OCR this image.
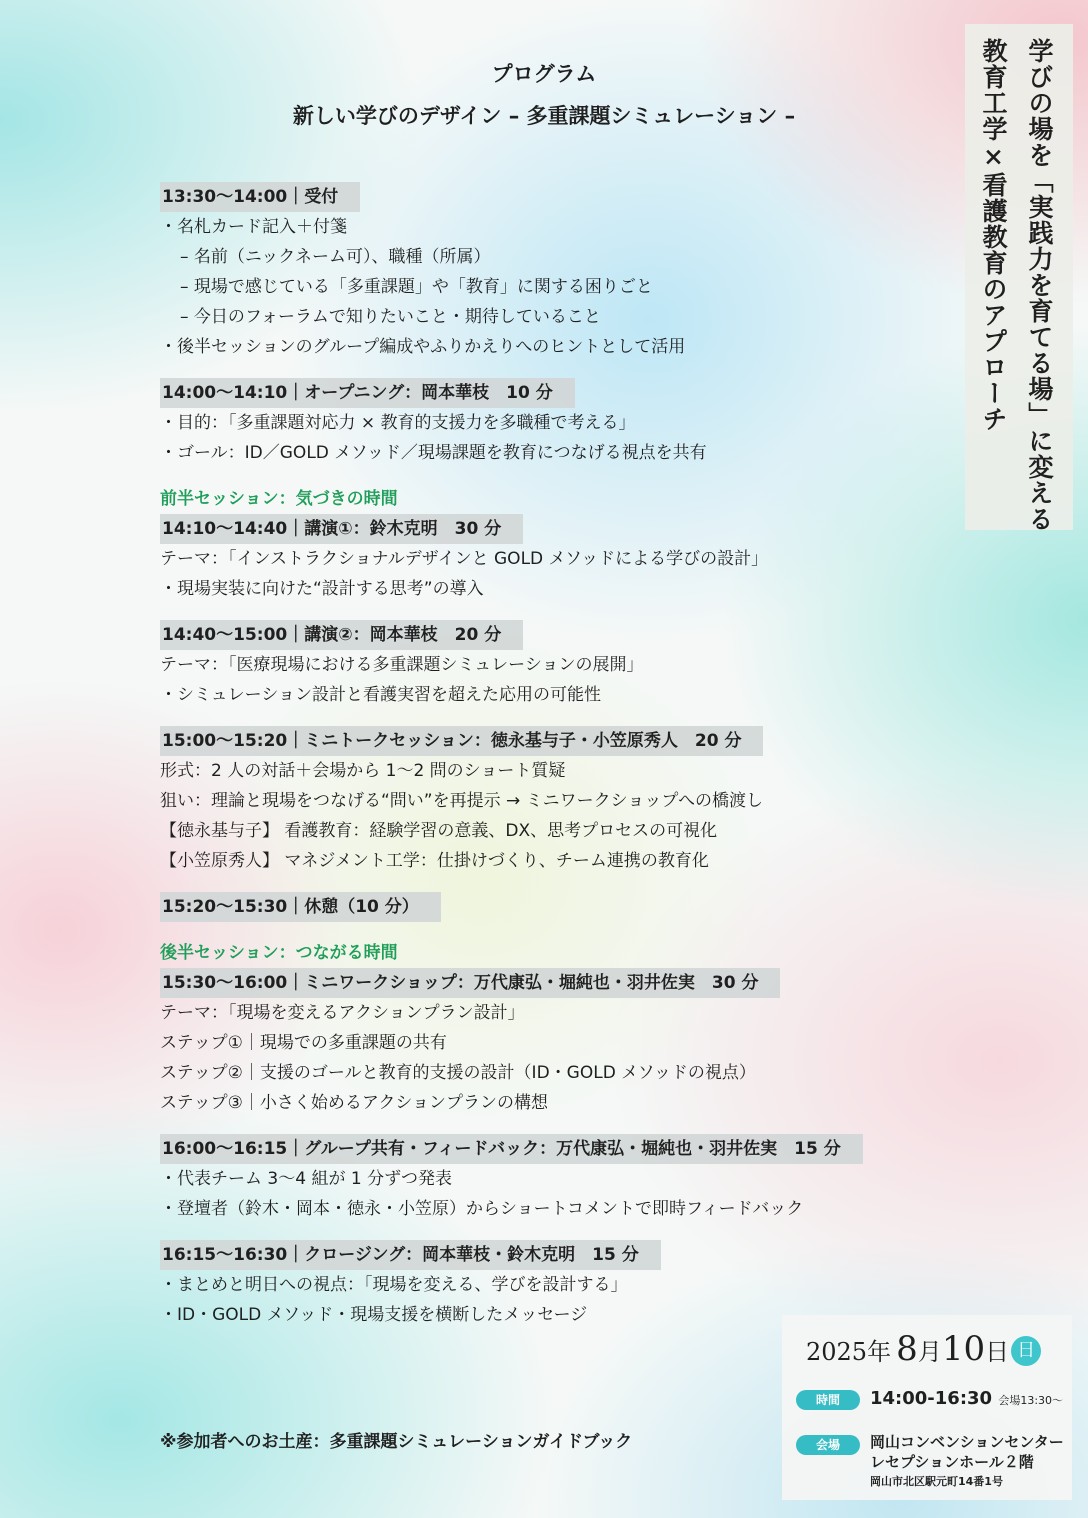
プログラム
新しい学びのデザイン – 多重課題シミュレーション –	学びの場を「実践力を育てる場」に変える
教育工学×看護教育のアプローチ
13:30〜14:00｜受付
・名札カード記入＋付箋
– 名前（ニックネーム可）、職種（所属）
– 現場で感じている「多重課題」や「教育」に関する困りごと
– 今日のフォーラムで知りたいこと・期待していること
・後半セッションのグループ編成やふりかえりへのヒントとして活用
14:00〜14:10｜オープニング：岡本華枝　10 分
・目的：「多重課題対応力 × 教育的支援力を多職種で考える」
・ゴール：ID／GOLD メソッド／現場課題を教育につなげる視点を共有
前半セッション：気づきの時間
14:10〜14:40｜講演①：鈴木克明　30 分
テーマ：「インストラクショナルデザインと GOLD メソッドによる学びの設計」
・現場実装に向けた“設計する思考”の導入
14:40〜15:00｜講演②：岡本華枝　20 分
テーマ：「医療現場における多重課題シミュレーションの展開」
・シミュレーション設計と看護実習を超えた応用の可能性
15:00〜15:20｜ミニトークセッション：徳永基与子・小笠原秀人　20 分
形式：2 人の対話＋会場から 1〜2 問のショート質疑
狙い：理論と現場をつなげる“問い”を再提示 → ミニワークショップへの橋渡し
【徳永基与子】 看護教育：経験学習の意義、DX、思考プロセスの可視化
【小笠原秀人】 マネジメント工学：仕掛けづくり、チーム連携の教育化
15:20〜15:30｜休憩（10 分）
後半セッション：つながる時間
15:30〜16:00｜ミニワークショップ：万代康弘・堀純也・羽井佐実　30 分
テーマ：「現場を変えるアクションプラン設計」
ステップ①｜現場での多重課題の共有
ステップ②｜支援のゴールと教育的支援の設計（ID・GOLD メソッドの視点）
ステップ③｜小さく始めるアクションプランの構想
16:00〜16:15｜グループ共有・フィードバック：万代康弘・堀純也・羽井佐実　15 分
・代表チーム 3〜4 組が 1 分ずつ発表
・登壇者（鈴木・岡本・徳永・小笠原）からショートコメントで即時フィードバック
16:15〜16:30｜クロージング：岡本華枝・鈴木克明　15 分
・まとめと明日への視点：「現場を変える、学びを設計する」
・ID・GOLD メソッド・現場支援を横断したメッセージ
※参加者へのお土産：多重課題シミュレーションガイドブック
2025年 8月10日 日
時間	14:00-16:30 会場13:30〜
会場	岡山コンベンションセンター
レセプションホール２階
岡山市北区駅元町14番1号
